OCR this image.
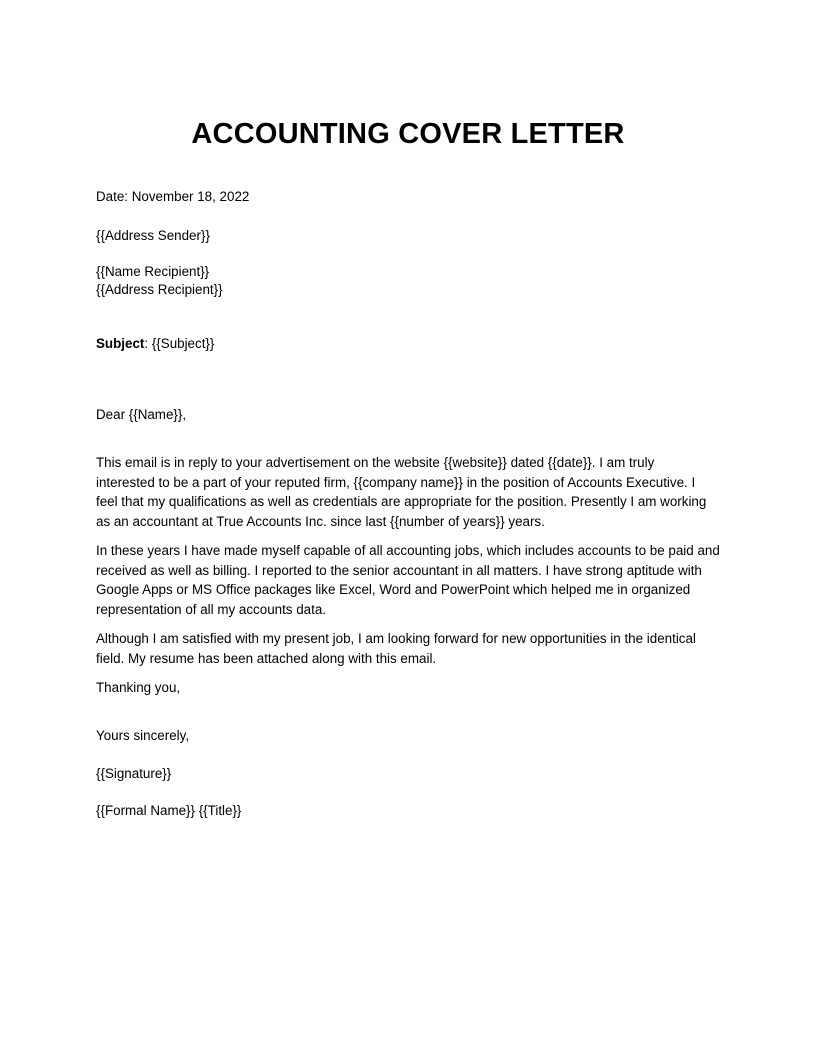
ACCOUNTING COVER LETTER
Date: November 18, 2022
{{Address Sender}}
{{Name Recipient}}
{{Address Recipient}}
Subject: {{Subject}}
Dear {{Name}},
This email is in reply to your advertisement on the website {{website}} dated {{date}}. I am truly
interested to be a part of your reputed firm, {{company name}} in the position of Accounts Executive. I
feel that my qualifications as well as credentials are appropriate for the position. Presently I am working
as an accountant at True Accounts Inc. since last {{number of years}} years.
In these years I have made myself capable of all accounting jobs, which includes accounts to be paid and
received as well as billing. I reported to the senior accountant in all matters. I have strong aptitude with
Google Apps or MS Office packages like Excel, Word and PowerPoint which helped me in organized
representation of all my accounts data.
Although I am satisfied with my present job, I am looking forward for new opportunities in the identical
field. My resume has been attached along with this email.
Thanking you,
Yours sincerely,
{{Signature}}
{{Formal Name}} {{Title}}
